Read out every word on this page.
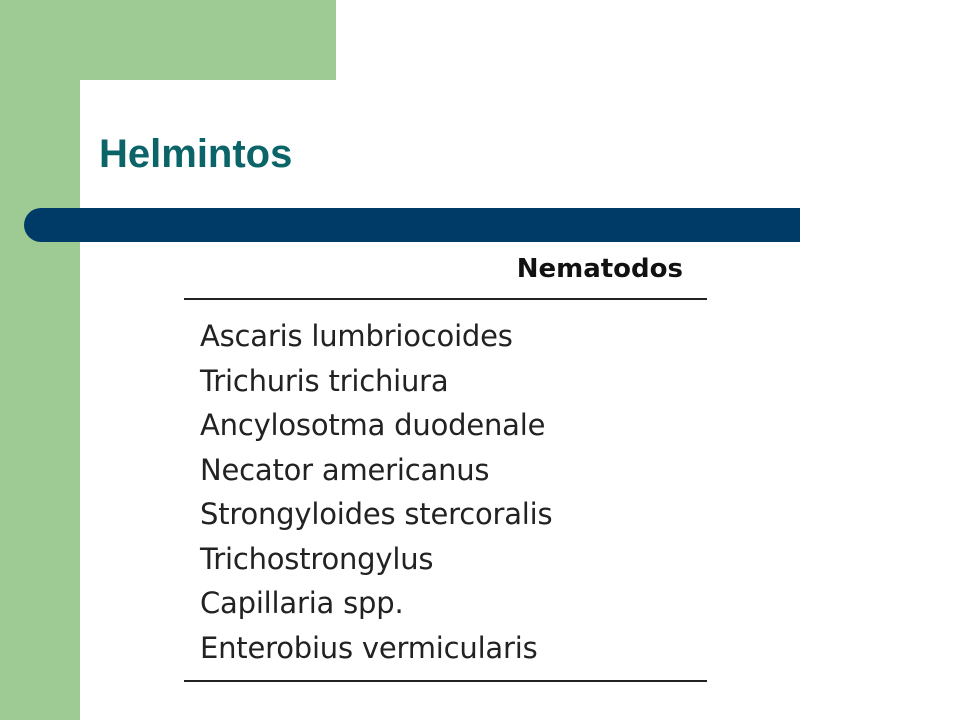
Helmintos
Nematodos
Ascaris lumbriocoides
Trichuris trichiura
Ancylosotma duodenale
Necator americanus
Strongyloides stercoralis
Trichostrongylus
Capillaria spp.
Enterobius vermicularis
